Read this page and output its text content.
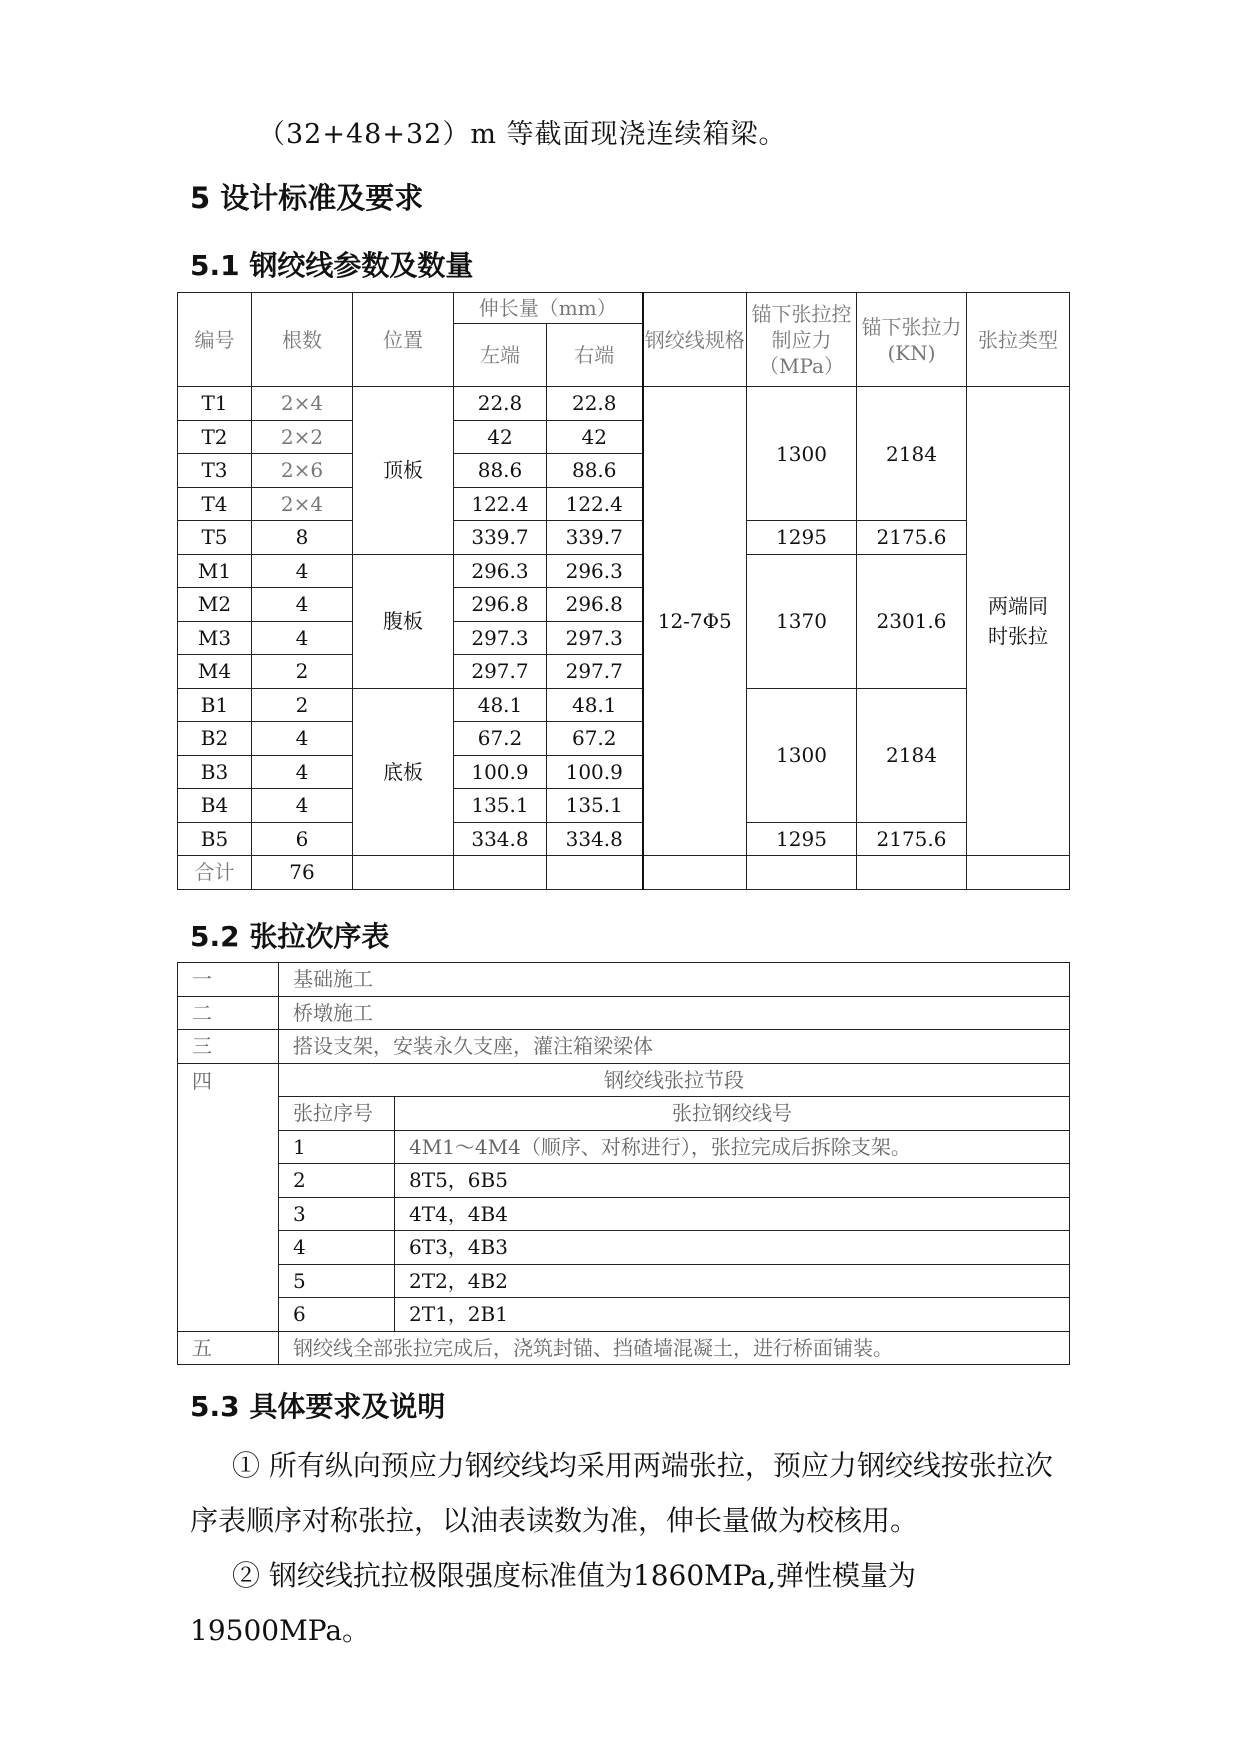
（32+48+32）m 等截面现浇连续箱梁。
5 设计标准及要求
5.1 钢绞线参数及数量
编号	根数	位置	伸长量（mm）		钢绞线规格	锚下张拉控制应力（MPa）	锚下张拉力(KN)	张拉类型
			左端	右端				
T1	2×4	顶板	22.8	22.8	12-7Φ5	1300	2184	两端同时张拉
T2	2×2		42	42				
T3	2×6		88.6	88.6				
T4	2×4		122.4	122.4				
T5	8		339.7	339.7		1295	2175.6	
M1	4	腹板	296.3	296.3		1370	2301.6	
M2	4		296.8	296.8				
M3	4		297.3	297.3				
M4	2		297.7	297.7				
B1	2	底板	48.1	48.1		1300	2184	
B2	4		67.2	67.2				
B3	4		100.9	100.9				
B4	4		135.1	135.1				
B5	6		334.8	334.8		1295	2175.6	
合计	76							
5.2 张拉次序表
一	基础施工	
二	桥墩施工	
三	搭设支架，安装永久支座，灌注箱梁梁体	
四	钢绞线张拉节段	
	张拉序号	张拉钢绞线号
	1	4M1～4M4（顺序、对称进行），张拉完成后拆除支架。
	2	8T5，6B5
	3	4T4，4B4
	4	6T3，4B3
	5	2T2，4B2
	6	2T1，2B1
五	钢绞线全部张拉完成后，浇筑封锚、挡碴墙混凝土，进行桥面铺装。	
5.3 具体要求及说明
① 所有纵向预应力钢绞线均采用两端张拉，预应力钢绞线按张拉次序表顺序对称张拉，以油表读数为准，伸长量做为校核用。
② 钢绞线抗拉极限强度标准值为1860MPa,弹性模量为19500MPa。
